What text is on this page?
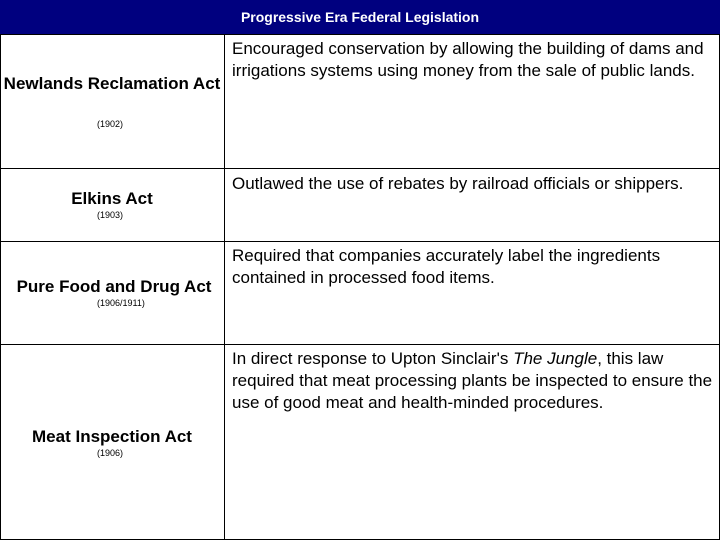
Progressive Era Federal Legislation
Newlands Reclamation Act
(1902)
Encouraged conservation by allowing the building of dams and irrigations systems using money from the sale of public lands.
Elkins Act
(1903)
Outlawed the use of rebates by railroad officials or shippers.
Pure Food and Drug Act
(1906/1911)
Required that companies accurately label the ingredients contained in processed food items.
Meat Inspection Act
(1906)
In direct response to Upton Sinclair's The Jungle, this law required that meat processing plants be inspected to ensure the use of good meat and health-minded procedures.
